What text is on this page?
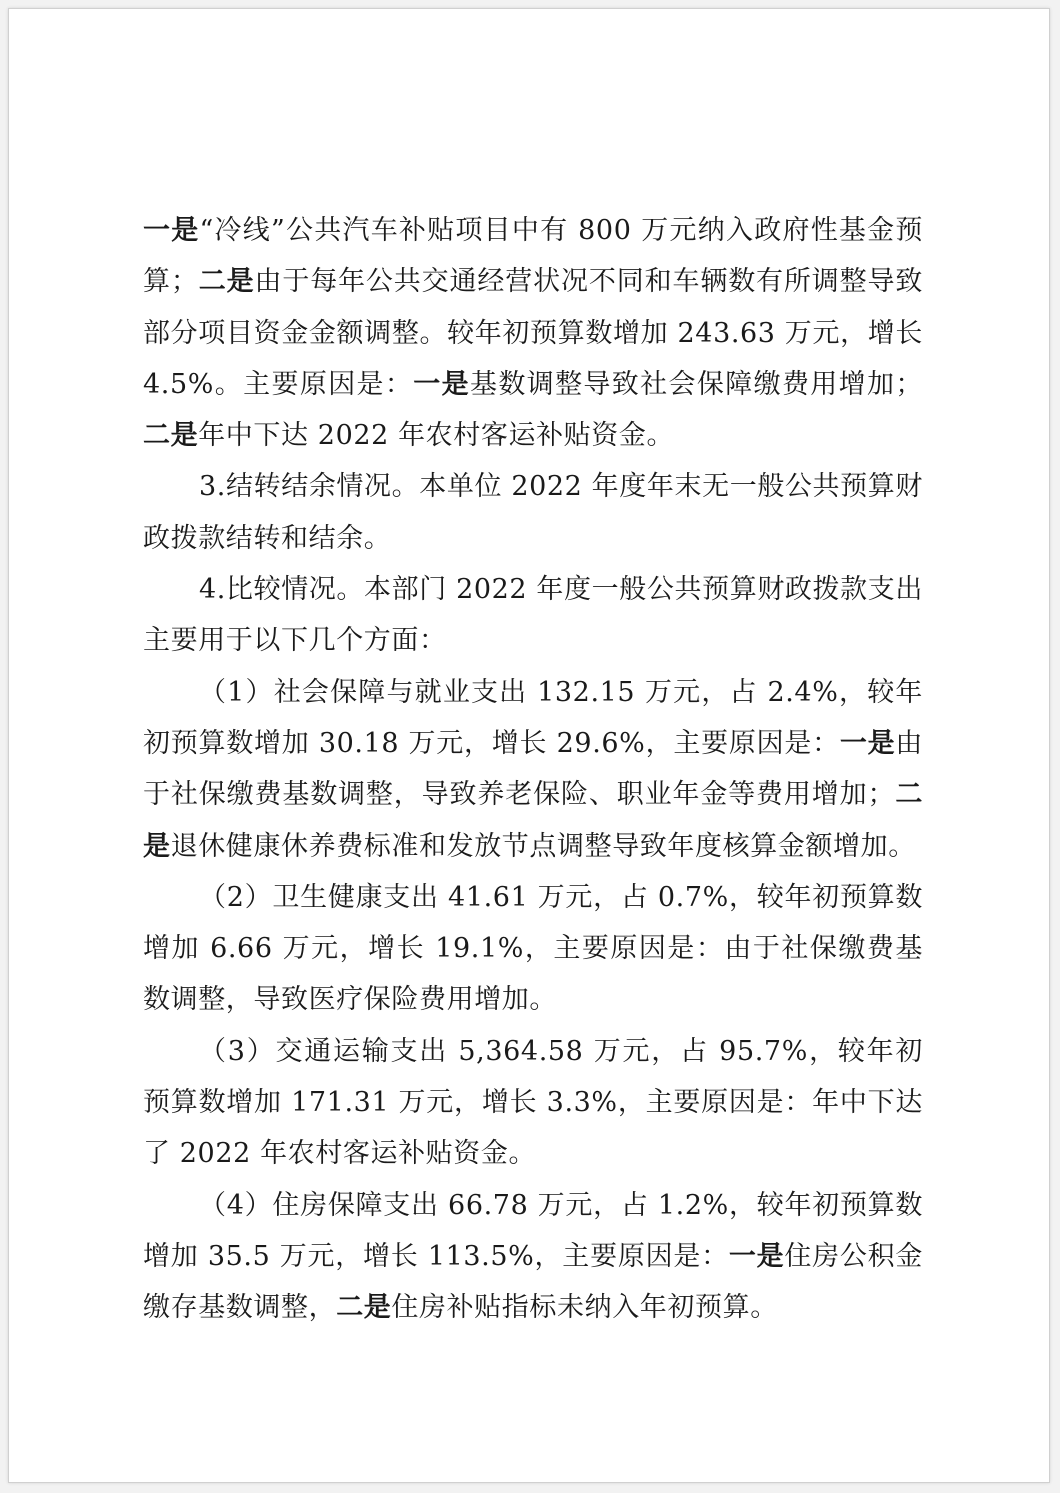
一是“冷线”公共汽车补贴项目中有 800 万元纳入政府性基金预算；二是由于每年公共交通经营状况不同和车辆数有所调整导致部分项目资金金额调整。较年初预算数增加 243.63 万元，增长 4.5%。主要原因是：一是基数调整导致社会保障缴费用增加；二是年中下达 2022 年农村客运补贴资金。

3.结转结余情况。本单位 2022 年度年末无一般公共预算财政拨款结转和结余。

4.比较情况。本部门 2022 年度一般公共预算财政拨款支出主要用于以下几个方面：

（1）社会保障与就业支出 132.15 万元，占 2.4%，较年初预算数增加 30.18 万元，增长 29.6%，主要原因是：一是由于社保缴费基数调整，导致养老保险、职业年金等费用增加；二是退休健康休养费标准和发放节点调整导致年度核算金额增加。

（2）卫生健康支出 41.61 万元，占 0.7%，较年初预算数增加 6.66 万元，增长 19.1%，主要原因是：由于社保缴费基数调整，导致医疗保险费用增加。

（3）交通运输支出 5,364.58 万元，占 95.7%，较年初预算数增加 171.31 万元，增长 3.3%，主要原因是：年中下达了 2022 年农村客运补贴资金。

（4）住房保障支出 66.78 万元，占 1.2%，较年初预算数增加 35.5 万元，增长 113.5%，主要原因是：一是住房公积金缴存基数调整，二是住房补贴指标未纳入年初预算。
